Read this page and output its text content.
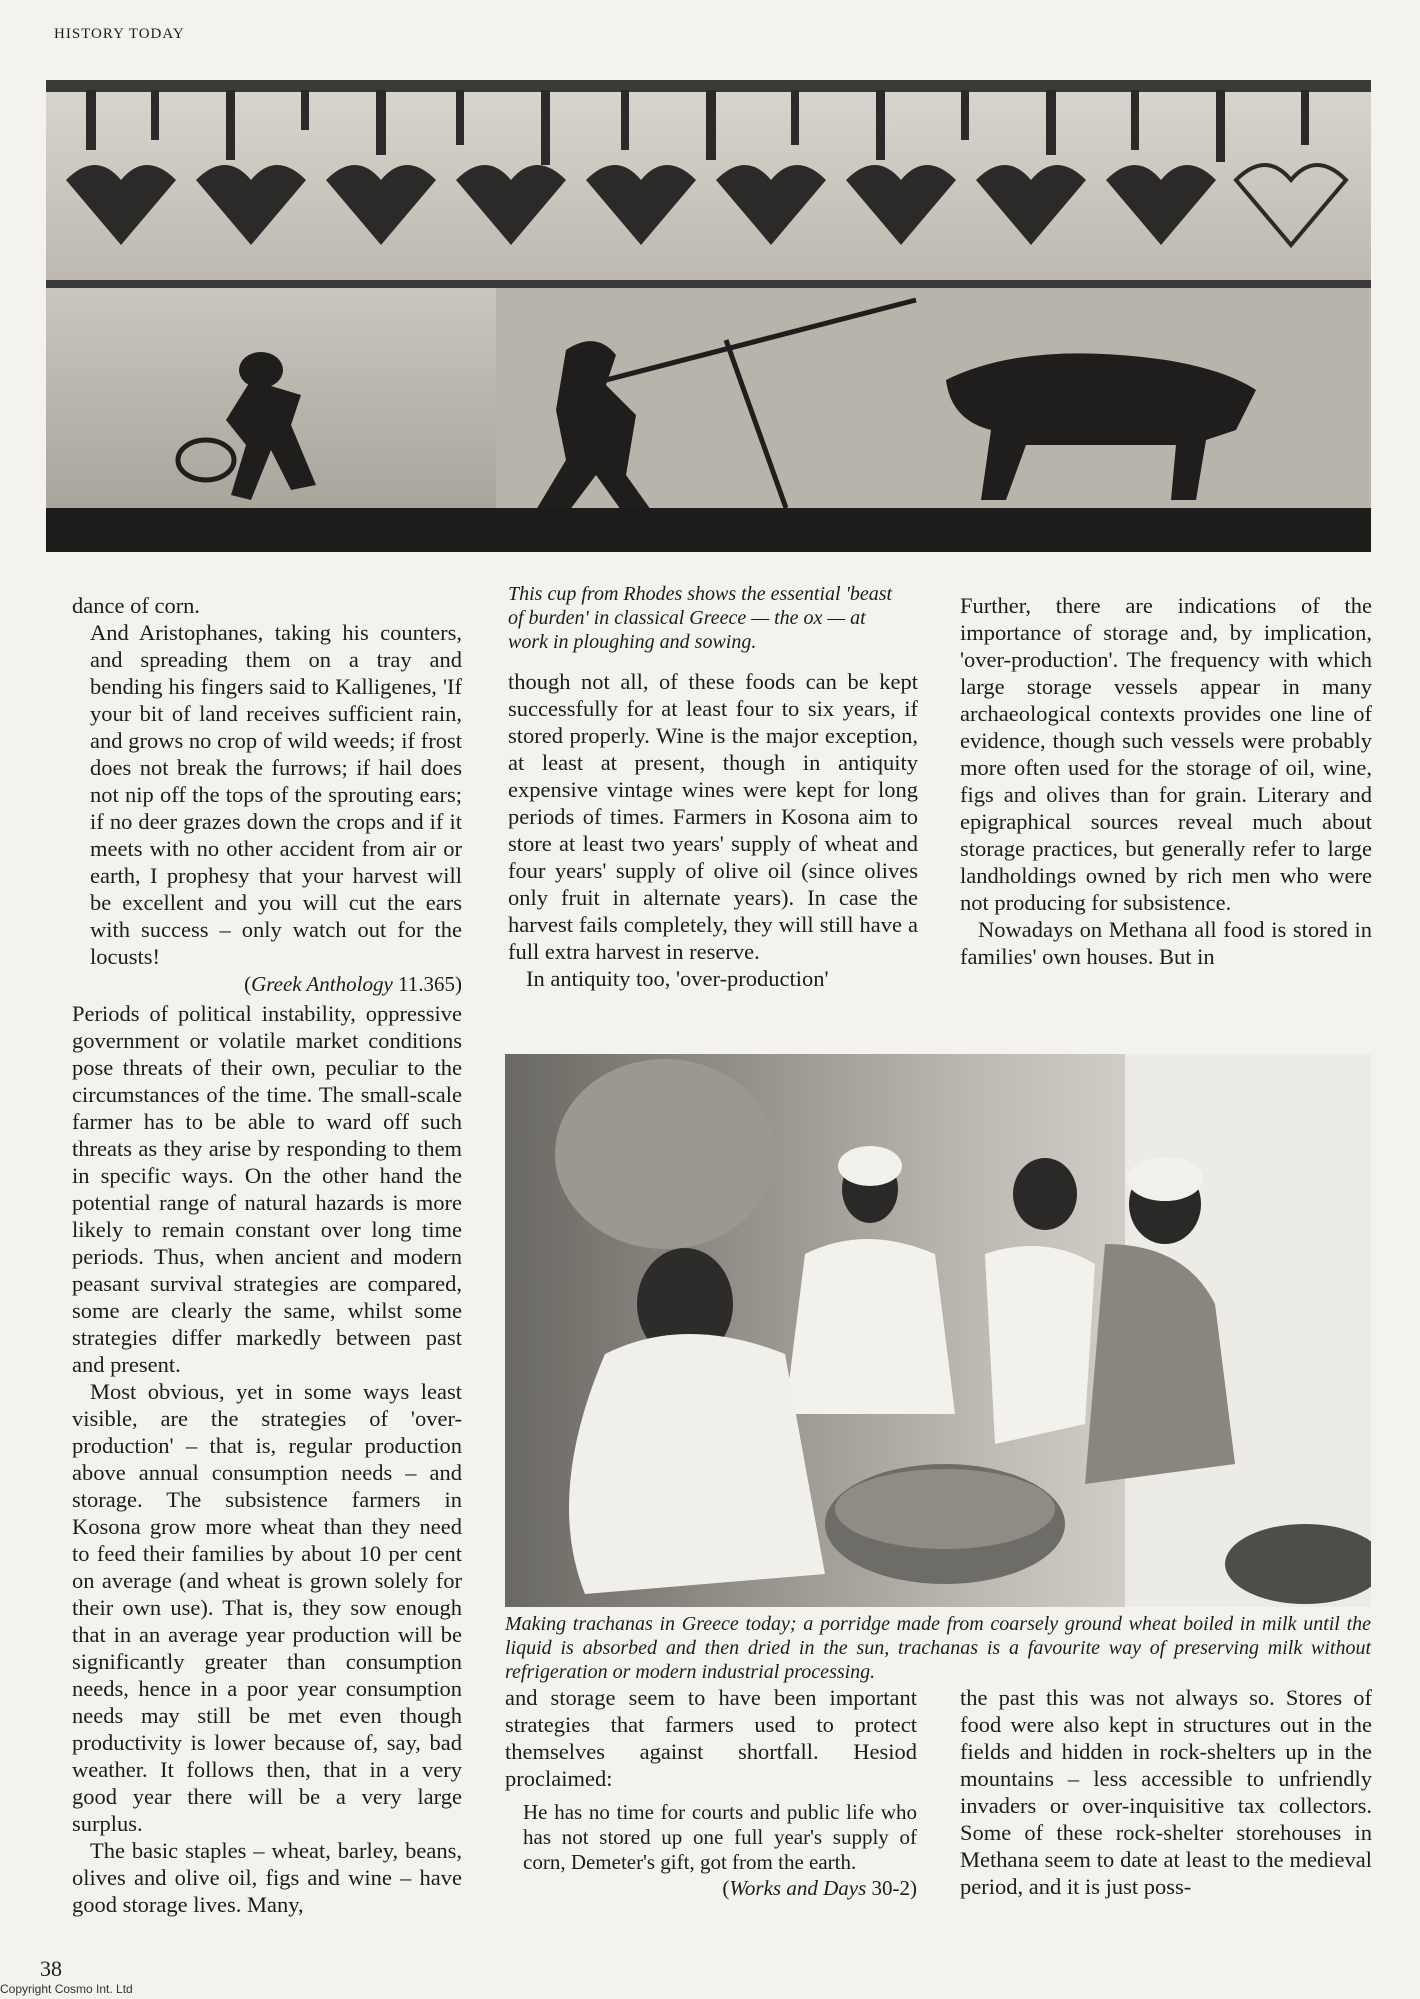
HISTORY TODAY

dance of corn.

And Aristophanes, taking his counters, and spreading them on a tray and bending his fingers said to Kalligenes, 'If your bit of land receives sufficient rain, and grows no crop of wild weeds; if frost does not break the furrows; if hail does not nip off the tops of the sprouting ears; if no deer grazes down the crops and if it meets with no other accident from air or earth, I prophesy that your harvest will be excellent and you will cut the ears with success – only watch out for the locusts!

(Greek Anthology 11.365)

Periods of political instability, oppressive government or volatile market conditions pose threats of their own, peculiar to the circumstances of the time. The small-scale farmer has to be able to ward off such threats as they arise by responding to them in specific ways. On the other hand the potential range of natural hazards is more likely to remain constant over long time periods. Thus, when ancient and modern peasant survival strategies are compared, some are clearly the same, whilst some strategies differ markedly between past and present.

Most obvious, yet in some ways least visible, are the strategies of 'over-production' – that is, regular production above annual consumption needs – and storage. The subsistence farmers in Kosona grow more wheat than they need to feed their families by about 10 per cent on average (and wheat is grown solely for their own use). That is, they sow enough that in an average year production will be significantly greater than consumption needs, hence in a poor year consumption needs may still be met even though productivity is lower because of, say, bad weather. It follows then, that in a very good year there will be a very large surplus.

The basic staples – wheat, barley, beans, olives and olive oil, figs and wine – have good storage lives. Many,

This cup from Rhodes shows the essential 'beast of burden' in classical Greece — the ox — at work in ploughing and sowing.

though not all, of these foods can be kept successfully for at least four to six years, if stored properly. Wine is the major exception, at least at present, though in antiquity expensive vintage wines were kept for long periods of times. Farmers in Kosona aim to store at least two years' supply of wheat and four years' supply of olive oil (since olives only fruit in alternate years). In case the harvest fails completely, they will still have a full extra harvest in reserve.

In antiquity too, 'over-production'

Further, there are indications of the importance of storage and, by implication, 'over-production'. The frequency with which large storage vessels appear in many archaeological contexts provides one line of evidence, though such vessels were probably more often used for the storage of oil, wine, figs and olives than for grain. Literary and epigraphical sources reveal much about storage practices, but generally refer to large landholdings owned by rich men who were not producing for subsistence.

Nowadays on Methana all food is stored in families' own houses. But in

Making trachanas in Greece today; a porridge made from coarsely ground wheat boiled in milk until the liquid is absorbed and then dried in the sun, trachanas is a favourite way of preserving milk without refrigeration or modern industrial processing.

and storage seem to have been important strategies that farmers used to protect themselves against shortfall. Hesiod proclaimed:

He has no time for courts and public life who has not stored up one full year's supply of corn, Demeter's gift, got from the earth.

(Works and Days 30-2)

the past this was not always so. Stores of food were also kept in structures out in the fields and hidden in rock-shelters up in the mountains – less accessible to unfriendly invaders or over-inquisitive tax collectors. Some of these rock-shelter storehouses in Methana seem to date at least to the medieval period, and it is just poss-

38
Copyright Cosmo Int. Ltd
